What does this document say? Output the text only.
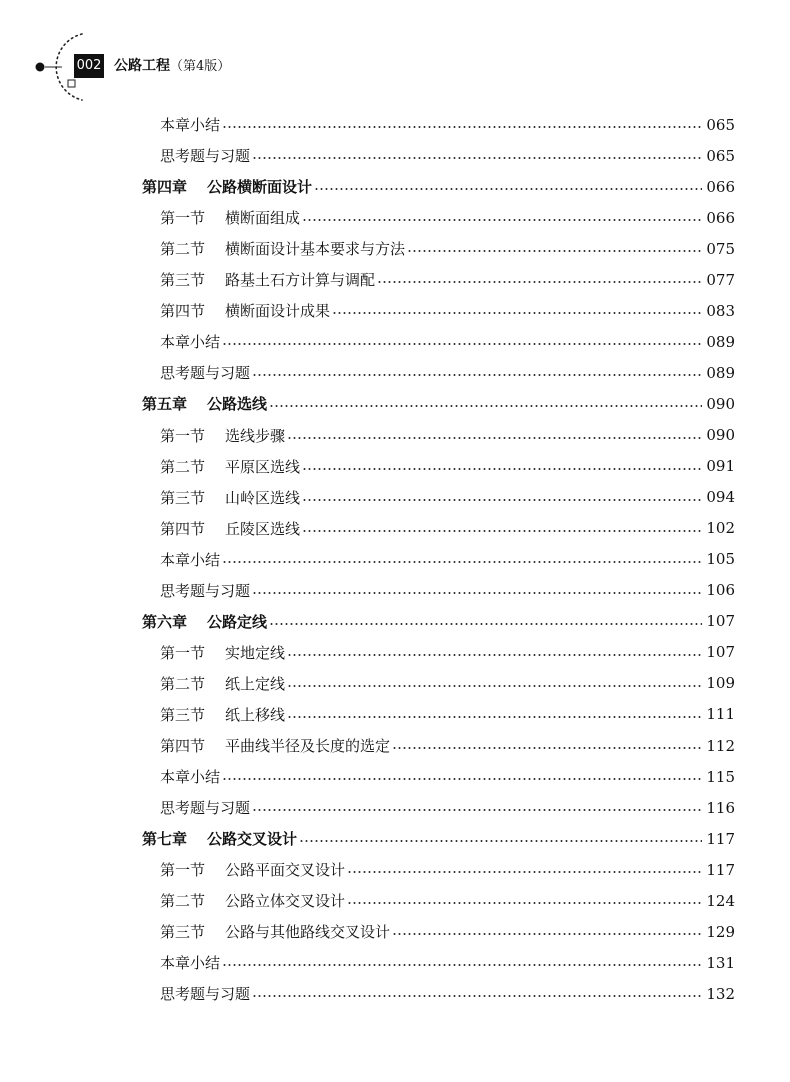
002 公路工程（第4版）
本章小结	065
思考题与习题	065
第四章 公路横断面设计	066
第一节 横断面组成	066
第二节 横断面设计基本要求与方法	075
第三节 路基土石方计算与调配	077
第四节 横断面设计成果	083
本章小结	089
思考题与习题	089
第五章 公路选线	090
第一节 选线步骤	090
第二节 平原区选线	091
第三节 山岭区选线	094
第四节 丘陵区选线	102
本章小结	105
思考题与习题	106
第六章 公路定线	107
第一节 实地定线	107
第二节 纸上定线	109
第三节 纸上移线	111
第四节 平曲线半径及长度的选定	112
本章小结	115
思考题与习题	116
第七章 公路交叉设计	117
第一节 公路平面交叉设计	117
第二节 公路立体交叉设计	124
第三节 公路与其他路线交叉设计	129
本章小结	131
思考题与习题	132
